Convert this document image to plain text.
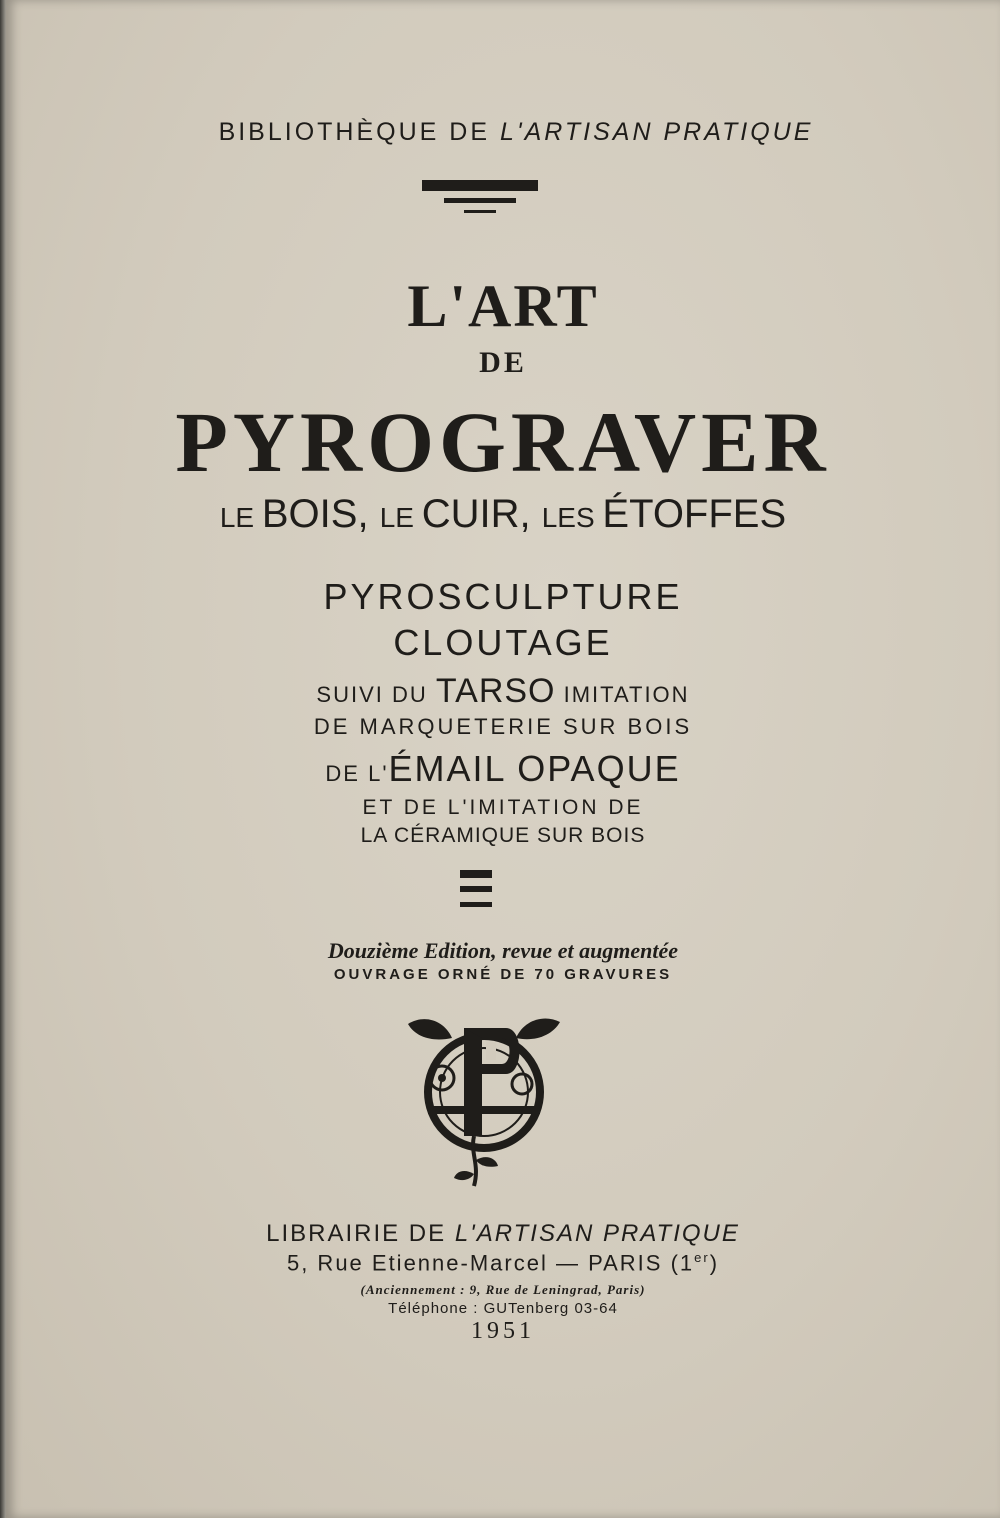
BIBLIOTHÈQUE DE L'ARTISAN PRATIQUE
L'ART
DE
PYROGRAVER
LE BOIS, LE CUIR, LES ÉTOFFES
PYROSCULPTURE
CLOUTAGE
SUIVI DU TARSO IMITATION
DE MARQUETERIE SUR BOIS
DE L'ÉMAIL OPAQUE
ET DE L'IMITATION DE
LA CÉRAMIQUE SUR BOIS
Douzième Edition, revue et augmentée
OUVRAGE ORNÉ DE 70 GRAVURES
P
LIBRAIRIE DE L'ARTISAN PRATIQUE
5, Rue Etienne-Marcel — PARIS (1er)
(Anciennement : 9, Rue de Leningrad, Paris)
Téléphone : GUTenberg 03-64
1951
